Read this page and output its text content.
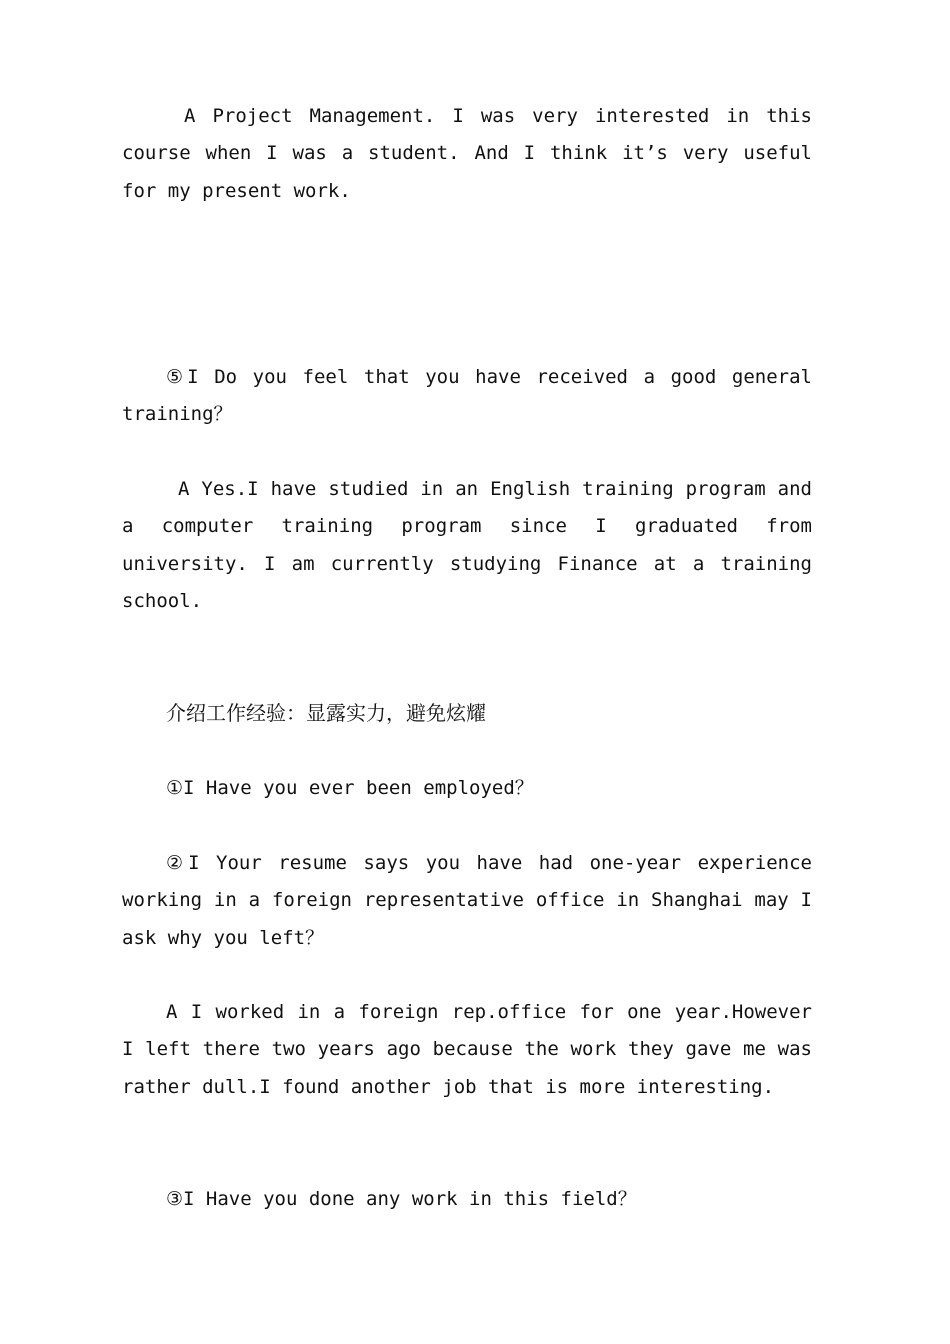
A Project Management. I was very interested in this course when I was a student. And I think it’s very useful for my present work.

⑤I Do you feel that you have received a good general training？

A Yes.I have studied in an English training program and a computer training program since I graduated from university. I am currently studying Finance at a training school.

介绍工作经验：显露实力，避免炫耀

①I Have you ever been employed？

②I Your resume says you have had one-year experience working in a foreign representative office in Shanghai may I ask why you left？

A I worked in a foreign rep.office for one year.However I left there two years ago because the work they gave me was rather dull.I found another job that is more interesting.

③I Have you done any work in this field？
